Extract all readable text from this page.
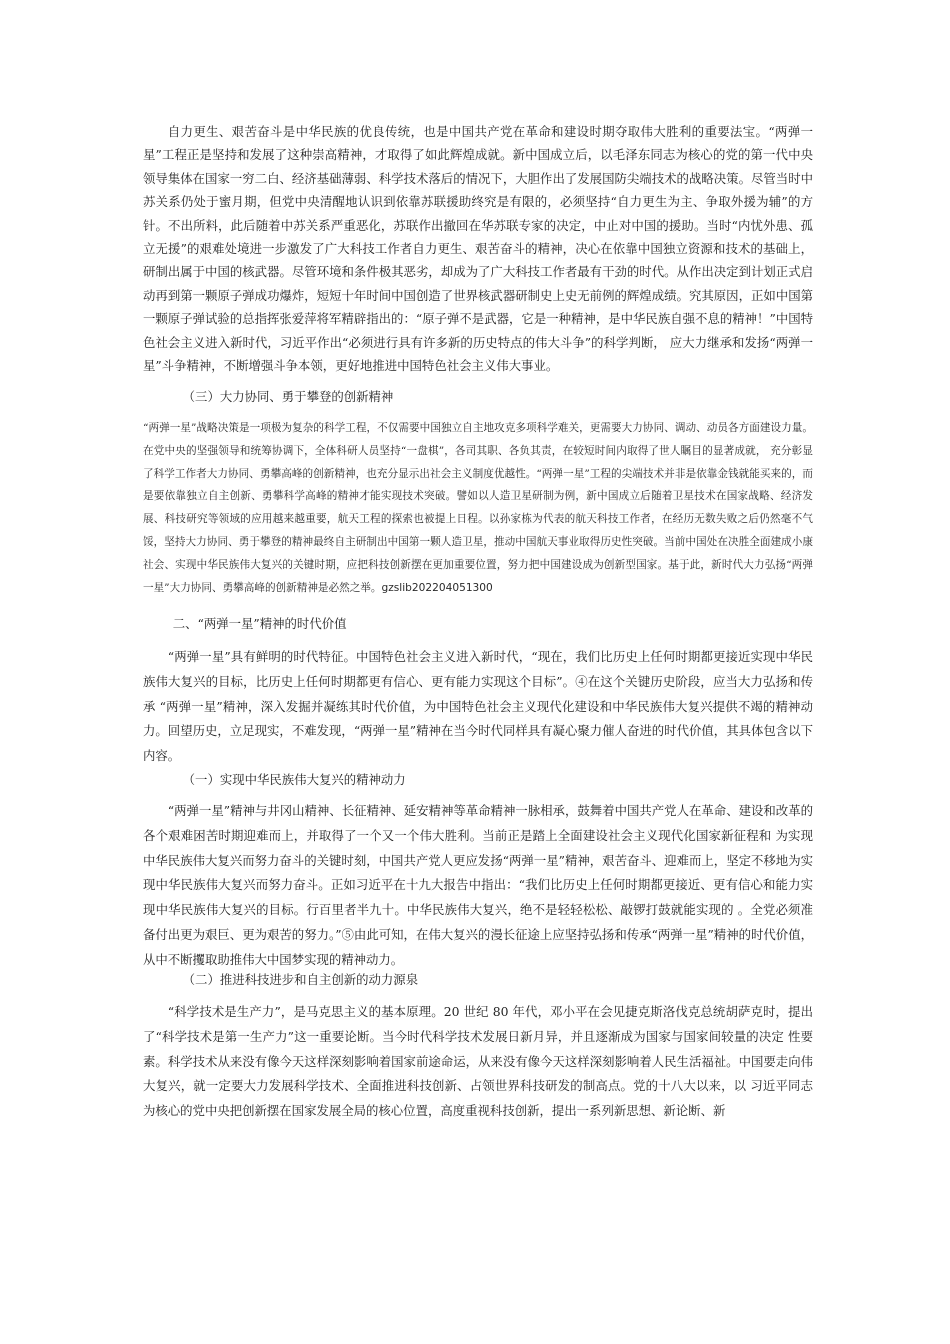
自力更生、艰苦奋斗是中华民族的优良传统，也是中国共产党在革命和建设时期夺取伟大胜利的重要法宝。“两弹一星”工程正是坚持和发展了这种崇高精神，才取得了如此辉煌成就。新中国成立后，以毛泽东同志为核心的党的第一代中央领导集体在国家一穷二白、经济基础薄弱、科学技术落后的情况下，大胆作出了发展国防尖端技术的战略决策。尽管当时中苏关系仍处于蜜月期，但党中央清醒地认识到依靠苏联援助终究是有限的，必须坚持“自力更生为主、争取外援为辅”的方针。不出所料，此后随着中苏关系严重恶化，苏联作出撤回在华苏联专家的决定，中止对中国的援助。当时“内忧外患、孤立无援”的艰难处境进一步激发了广大科技工作者自力更生、艰苦奋斗的精神，决心在依靠中国独立资源和技术的基础上，研制出属于中国的核武器。尽管环境和条件极其恶劣，却成为了广大科技工作者最有干劲的时代。从作出决定到计划正式启动再到第一颗原子弹成功爆炸，短短十年时间中国创造了世界核武器研制史上史无前例的辉煌成绩。究其原因，正如中国第一颗原子弹试验的总指挥张爱萍将军精辟指出的：“原子弹不是武器，它是一种精神，是中华民族自强不息的精神！”中国特色社会主义进入新时代，习近平作出“必须进行具有许多新的历史特点的伟大斗争”的科学判断， 应大力继承和发扬“两弹一星”斗争精神，不断增强斗争本领，更好地推进中国特色社会主义伟大事业。

（三）大力协同、勇于攀登的创新精神

“两弹一星”战略决策是一项极为复杂的科学工程，不仅需要中国独立自主地攻克多项科学难关，更需要大力协同、调动、动员各方面建设力量。在党中央的坚强领导和统筹协调下，全体科研人员坚持“一盘棋”，各司其职、各负其责，在较短时间内取得了世人瞩目的显著成就， 充分彰显了科学工作者大力协同、勇攀高峰的创新精神，也充分显示出社会主义制度优越性。“两弹一星”工程的尖端技术并非是依靠金钱就能买来的，而是要依靠独立自主创新、勇攀科学高峰的精神才能实现技术突破。譬如以人造卫星研制为例，新中国成立后随着卫星技术在国家战略、经济发展、科技研究等领域的应用越来越重要，航天工程的探索也被提上日程。以孙家栋为代表的航天科技工作者，在经历无数失败之后仍然毫不气馁，坚持大力协同、勇于攀登的精神最终自主研制出中国第一颗人造卫星，推动中国航天事业取得历史性突破。当前中国处在决胜全面建成小康社会、实现中华民族伟大复兴的关键时期，应把科技创新摆在更加重要位置，努力把中国建设成为创新型国家。基于此，新时代大力弘扬“两弹一星”大力协同、勇攀高峰的创新精神是必然之举。gzslib202204051300

二、“两弹一星”精神的时代价值

“两弹一星”具有鲜明的时代特征。中国特色社会主义进入新时代，“现在，我们比历史上任何时期都更接近实现中华民族伟大复兴的目标，比历史上任何时期都更有信心、更有能力实现这个目标”。④在这个关键历史阶段，应当大力弘扬和传承 “两弹一星”精神，深入发掘并凝练其时代价值，为中国特色社会主义现代化建设和中华民族伟大复兴提供不竭的精神动力。回望历史，立足现实，不难发现，“两弹一星”精神在当今时代同样具有凝心聚力催人奋进的时代价值，其具体包含以下内容。

（一）实现中华民族伟大复兴的精神动力

“两弹一星”精神与井冈山精神、长征精神、延安精神等革命精神一脉相承，鼓舞着中国共产党人在革命、建设和改革的各个艰难困苦时期迎难而上，并取得了一个又一个伟大胜利。当前正是踏上全面建设社会主义现代化国家新征程和 为实现中华民族伟大复兴而努力奋斗的关键时刻，中国共产党人更应发扬“两弹一星”精神，艰苦奋斗、迎难而上，坚定不移地为实现中华民族伟大复兴而努力奋斗。正如习近平在十九大报告中指出：“我们比历史上任何时期都更接近、更有信心和能力实现中华民族伟大复兴的目标。行百里者半九十。中华民族伟大复兴，绝不是轻轻松松、敲锣打鼓就能实现的 。全党必须准备付出更为艰巨、更为艰苦的努力。”⑤由此可知，在伟大复兴的漫长征途上应坚持弘扬和传承“两弹一星”精神的时代价值，从中不断攫取助推伟大中国梦实现的精神动力。

（二）推进科技进步和自主创新的动力源泉

“科学技术是生产力”，是马克思主义的基本原理。20 世纪 80 年代，邓小平在会见捷克斯洛伐克总统胡萨克时，提出了“科学技术是第一生产力”这一重要论断。当今时代科学技术发展日新月异，并且逐渐成为国家与国家间较量的决定 性要素。科学技术从来没有像今天这样深刻影响着国家前途命运，从来没有像今天这样深刻影响着人民生活福祉。中国要走向伟大复兴，就一定要大力发展科学技术、全面推进科技创新、占领世界科技研发的制高点。党的十八大以来，以 习近平同志为核心的党中央把创新摆在国家发展全局的核心位置，高度重视科技创新，提出一系列新思想、新论断、新
